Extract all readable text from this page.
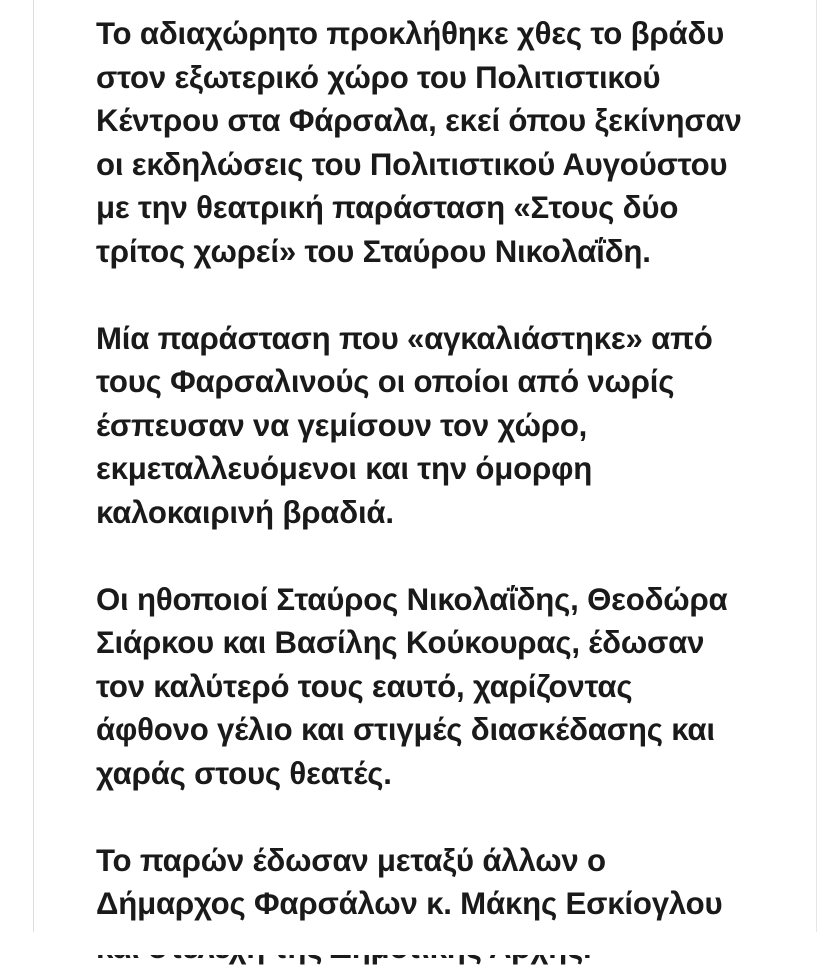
Το αδιαχώρητο προκλήθηκε χθες το βράδυ
στον εξωτερικό χώρο του Πολιτιστικού
Κέντρου στα Φάρσαλα, εκεί όπου ξεκίνησαν
οι εκδηλώσεις του Πολιτιστικού Αυγούστου
με την θεατρική παράσταση «Στους δύο
τρίτος χωρεί» του Σταύρου Νικολαΐδη.

Μία παράσταση που «αγκαλιάστηκε» από
τους Φαρσαλινούς οι οποίοι από νωρίς
έσπευσαν να γεμίσουν τον χώρο,
εκμεταλλευόμενοι και την όμορφη
καλοκαιρινή βραδιά.

Οι ηθοποιοί Σταύρος Νικολαΐδης, Θεοδώρα
Σιάρκου και Βασίλης Κούκουρας, έδωσαν
τον καλύτερό τους εαυτό, χαρίζοντας
άφθονο γέλιο και στιγμές διασκέδασης και
χαράς στους θεατές.

Το παρών έδωσαν μεταξύ άλλων ο
Δήμαρχος Φαρσάλων κ. Μάκης Εσκίογλου
